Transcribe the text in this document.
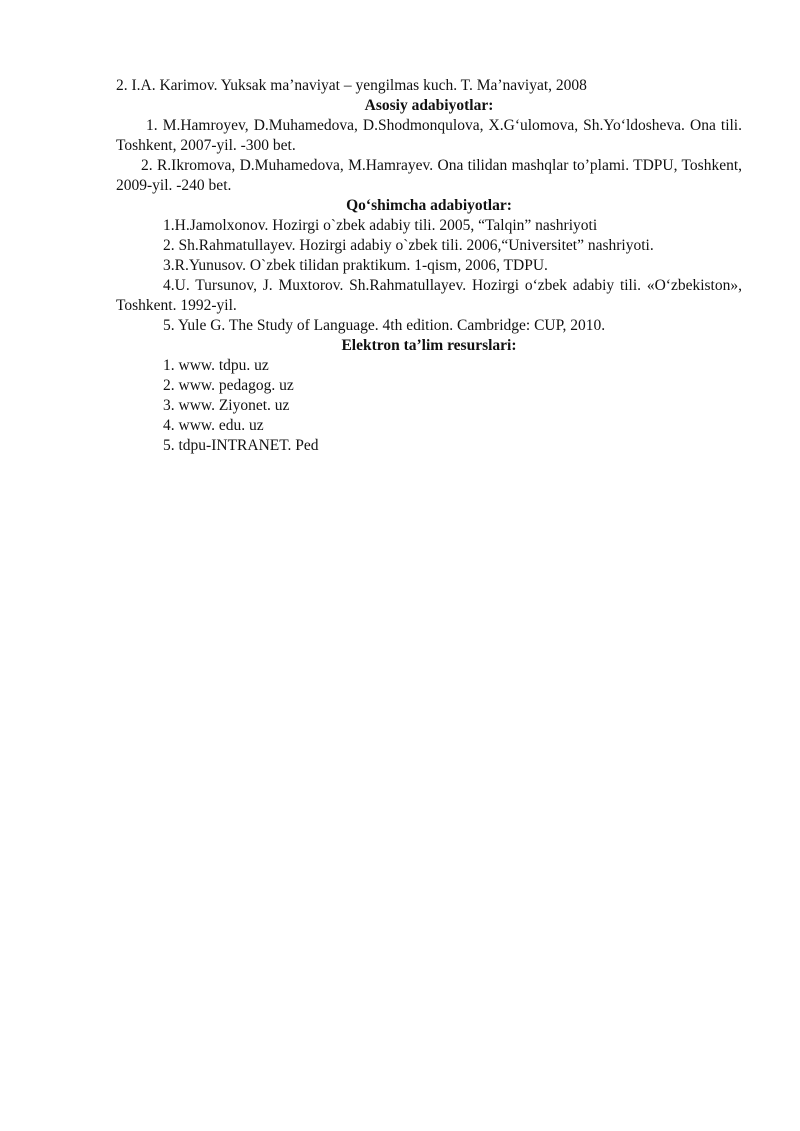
2. I.A. Karimov. Yuksak ma’naviyat – yengilmas kuch. T. Ma’naviyat, 2008
Asosiy adabiyotlar:
1. M.Hamroyev, D.Muhamedova, D.Shodmonqulova, X.G‘ulomova, Sh.Yo‘ldosheva. Ona tili. Toshkent, 2007-yil. -300 bet.
2. R.Ikromova, D.Muhamedova, M.Hamrayev. Ona tilidan mashqlar to’plami. TDPU, Toshkent, 2009-yil. -240 bet.
Qo‘shimcha adabiyotlar:
1.H.Jamolxonov. Hozirgi o`zbek adabiy tili. 2005, “Talqin” nashriyoti
2. Sh.Rahmatullayev. Hozirgi adabiy o`zbek tili. 2006,“Universitet” nashriyoti.
3.R.Yunusov. O`zbek tilidan praktikum. 1-qism, 2006, TDPU.
4.U. Tursunov, J. Muxtorov. Sh.Rahmatullayev. Hozirgi o‘zbek adabiy tili. «O‘zbekiston», Toshkent. 1992-yil.
5. Yule G. The Study of Language. 4th edition. Cambridge: CUP, 2010.
Elektron ta’lim resurslari:
1. www. tdpu. uz
2. www. pedagog. uz
3. www. Ziyonet. uz
4. www. edu. uz
5. tdpu-INTRANET. Ped
